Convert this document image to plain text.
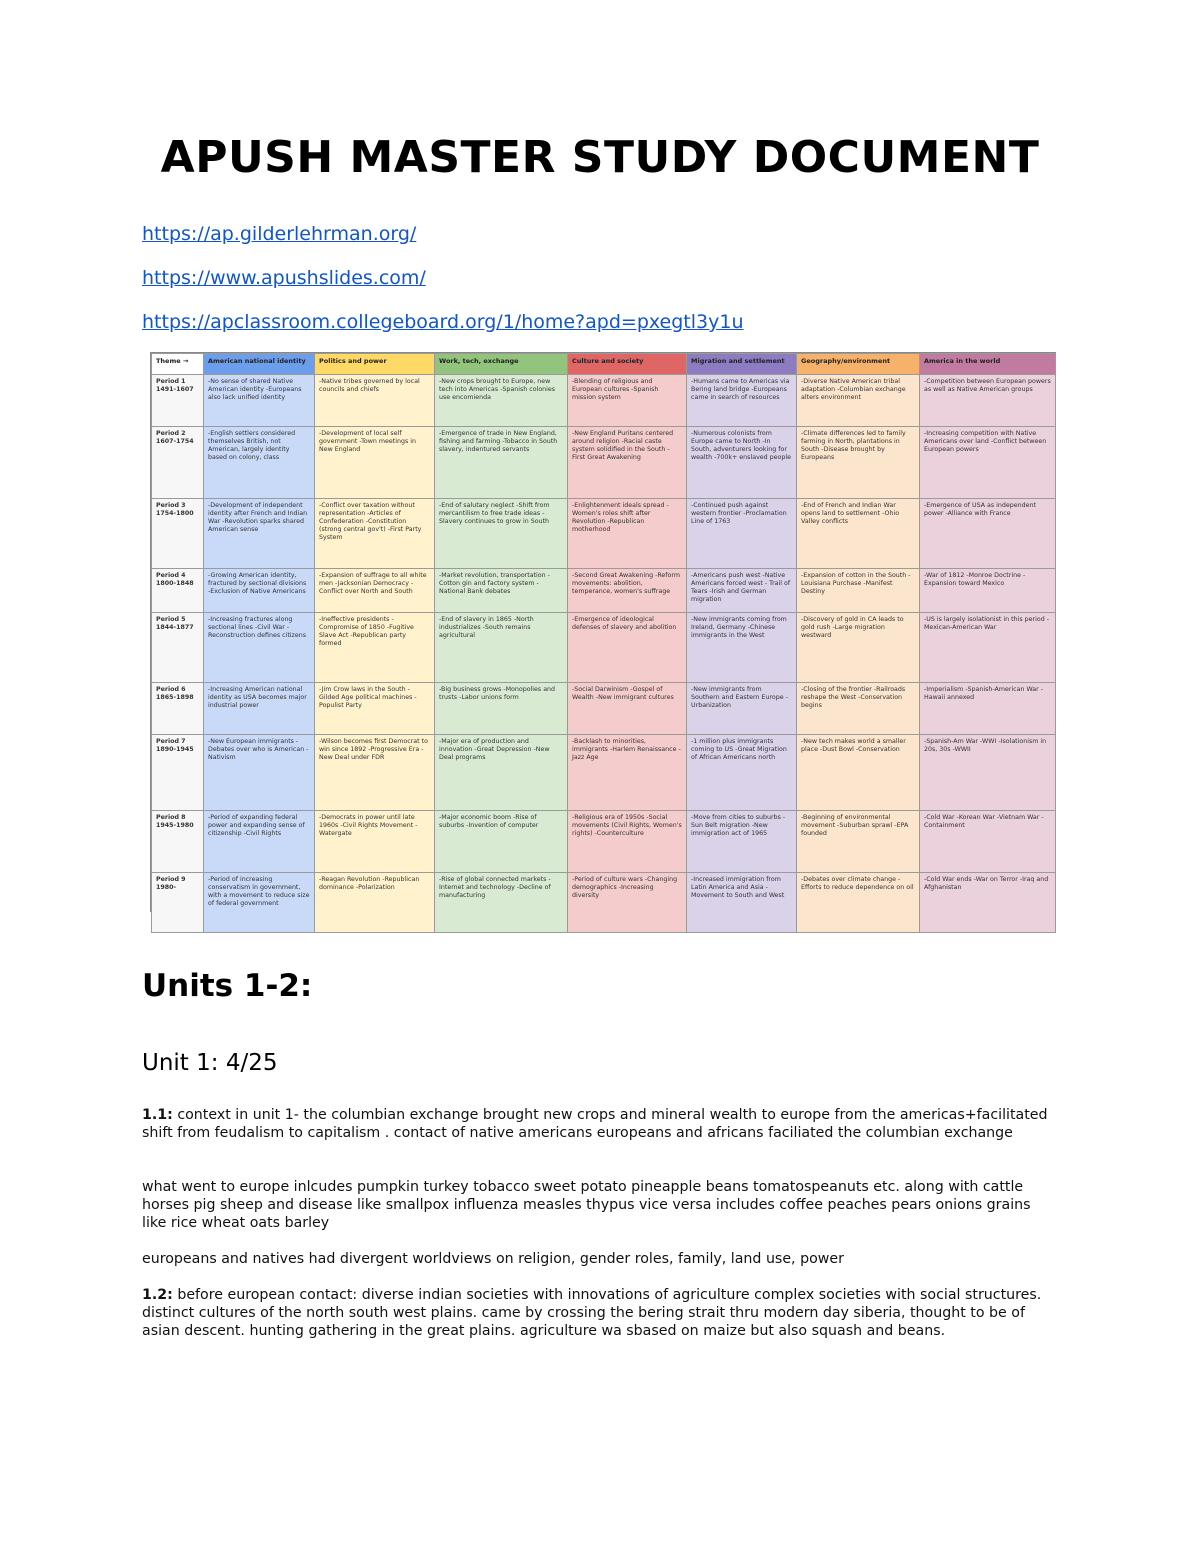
APUSH MASTER STUDY DOCUMENT
https://ap.gilderlehrman.org/
https://www.apushslides.com/
https://apclassroom.collegeboard.org/1/home?apd=pxegtl3y1u
Theme →	American national identity	Politics and power	Work, tech, exchange	Culture and society	Migration and settlement	Geography/environment	America in the world
Period 1 1491-1607	-No sense of shared Native American identity -Europeans also lack unified identity	-Native tribes governed by local councils and chiefs	-New crops brought to Europe, new tech into Americas -Spanish colonies use encomienda	-Blending of religious and European cultures -Spanish mission system	-Humans came to Americas via Bering land bridge -Europeans came in search of resources	-Diverse Native American tribal adaptation -Columbian exchange alters environment	-Competition between European powers as well as Native American groups
Period 2 1607-1754	-English settlers considered themselves British, not American, largely identity based on colony, class	-Development of local self government -Town meetings in New England	-Emergence of trade in New England, fishing and farming -Tobacco in South slavery, indentured servants	-New England Puritans centered around religion -Racial caste system solidified in the South -First Great Awakening	-Numerous colonists from Europe came to North -In South, adventurers looking for wealth -700k+ enslaved people	-Climate differences led to family farming in North, plantations in South -Disease brought by Europeans	-Increasing competition with Native Americans over land -Conflict between European powers
Period 3 1754-1800	-Development of independent identity after French and Indian War -Revolution sparks shared American sense	-Conflict over taxation without representation -Articles of Confederation -Constitution (strong central gov't) -First Party System	-End of salutary neglect -Shift from mercantilism to free trade ideas -Slavery continues to grow in South	-Enlightenment ideals spread -Women's roles shift after Revolution -Republican motherhood	-Continued push against western frontier -Proclamation Line of 1763	-End of French and Indian War opens land to settlement -Ohio Valley conflicts	-Emergence of USA as independent power -Alliance with France
Period 4 1800-1848	-Growing American identity, fractured by sectional divisions -Exclusion of Native Americans	-Expansion of suffrage to all white men -Jacksonian Democracy -Conflict over North and South	-Market revolution, transportation -Cotton gin and factory system -National Bank debates	-Second Great Awakening -Reform movements: abolition, temperance, women's suffrage	-Americans push west -Native Americans forced west - Trail of Tears -Irish and German migration	-Expansion of cotton in the South -Louisiana Purchase -Manifest Destiny	-War of 1812 -Monroe Doctrine -Expansion toward Mexico
Period 5 1844-1877	-Increasing fractures along sectional lines -Civil War -Reconstruction defines citizens	-Ineffective presidents -Compromise of 1850 -Fugitive Slave Act -Republican party formed	-End of slavery in 1865 -North industrializes -South remains agricultural	-Emergence of ideological defenses of slavery and abolition	-New immigrants coming from Ireland, Germany -Chinese immigrants in the West	-Discovery of gold in CA leads to gold rush -Large migration westward	-US is largely isolationist in this period -Mexican-American War
Period 6 1865-1898	-Increasing American national identity as USA becomes major industrial power	-Jim Crow laws in the South -Gilded Age political machines -Populist Party	-Big business grows -Monopolies and trusts -Labor unions form	-Social Darwinism -Gospel of Wealth -New immigrant cultures	-New immigrants from Southern and Eastern Europe -Urbanization	-Closing of the frontier -Railroads reshape the West -Conservation begins	-Imperialism -Spanish-American War -Hawaii annexed
Period 7 1890-1945	-New European immigrants -Debates over who is American -Nativism	-Wilson becomes first Democrat to win since 1892 -Progressive Era -New Deal under FDR	-Major era of production and innovation -Great Depression -New Deal programs	-Backlash to minorities, immigrants -Harlem Renaissance -Jazz Age	-1 million plus immigrants coming to US -Great Migration of African Americans north	-New tech makes world a smaller place -Dust Bowl -Conservation	-Spanish-Am War -WWI -Isolationism in 20s, 30s -WWII
Period 8 1945-1980	-Period of expanding federal power and expanding sense of citizenship -Civil Rights	-Democrats in power until late 1960s -Civil Rights Movement -Watergate	-Major economic boom -Rise of suburbs -Invention of computer	-Religious era of 1950s -Social movements (Civil Rights, Women's rights) -Counterculture	-Move from cities to suburbs -Sun Belt migration -New immigration act of 1965	-Beginning of environmental movement -Suburban sprawl -EPA founded	-Cold War -Korean War -Vietnam War -Containment
Period 9 1980-	-Period of increasing conservatism in government, with a movement to reduce size of federal government	-Reagan Revolution -Republican dominance -Polarization	-Rise of global connected markets -Internet and technology -Decline of manufacturing	-Period of culture wars -Changing demographics -Increasing diversity	-Increased immigration from Latin America and Asia -Movement to South and West	-Debates over climate change -Efforts to reduce dependence on oil	-Cold War ends -War on Terror -Iraq and Afghanistan
Units 1-2:
Unit 1: 4/25
1.1: context in unit 1- the columbian exchange brought new crops and mineral wealth to europe from the americas+facilitated shift from feudalism to capitalism . contact of native americans europeans and africans faciliated the columbian exchange
what went to europe inlcudes pumpkin turkey tobacco sweet potato pineapple beans tomatospeanuts etc. along with cattle horses pig sheep and disease like smallpox influenza measles thypus vice versa includes coffee peaches pears onions grains like rice wheat oats barley
europeans and natives had divergent worldviews on religion, gender roles, family, land use, power
1.2: before european contact: diverse indian societies with innovations of agriculture complex societies with social structures. distinct cultures of the north south west plains. came by crossing the bering strait thru modern day siberia, thought to be of asian descent. hunting gathering in the great plains. agriculture wa sbased on maize but also squash and beans.
